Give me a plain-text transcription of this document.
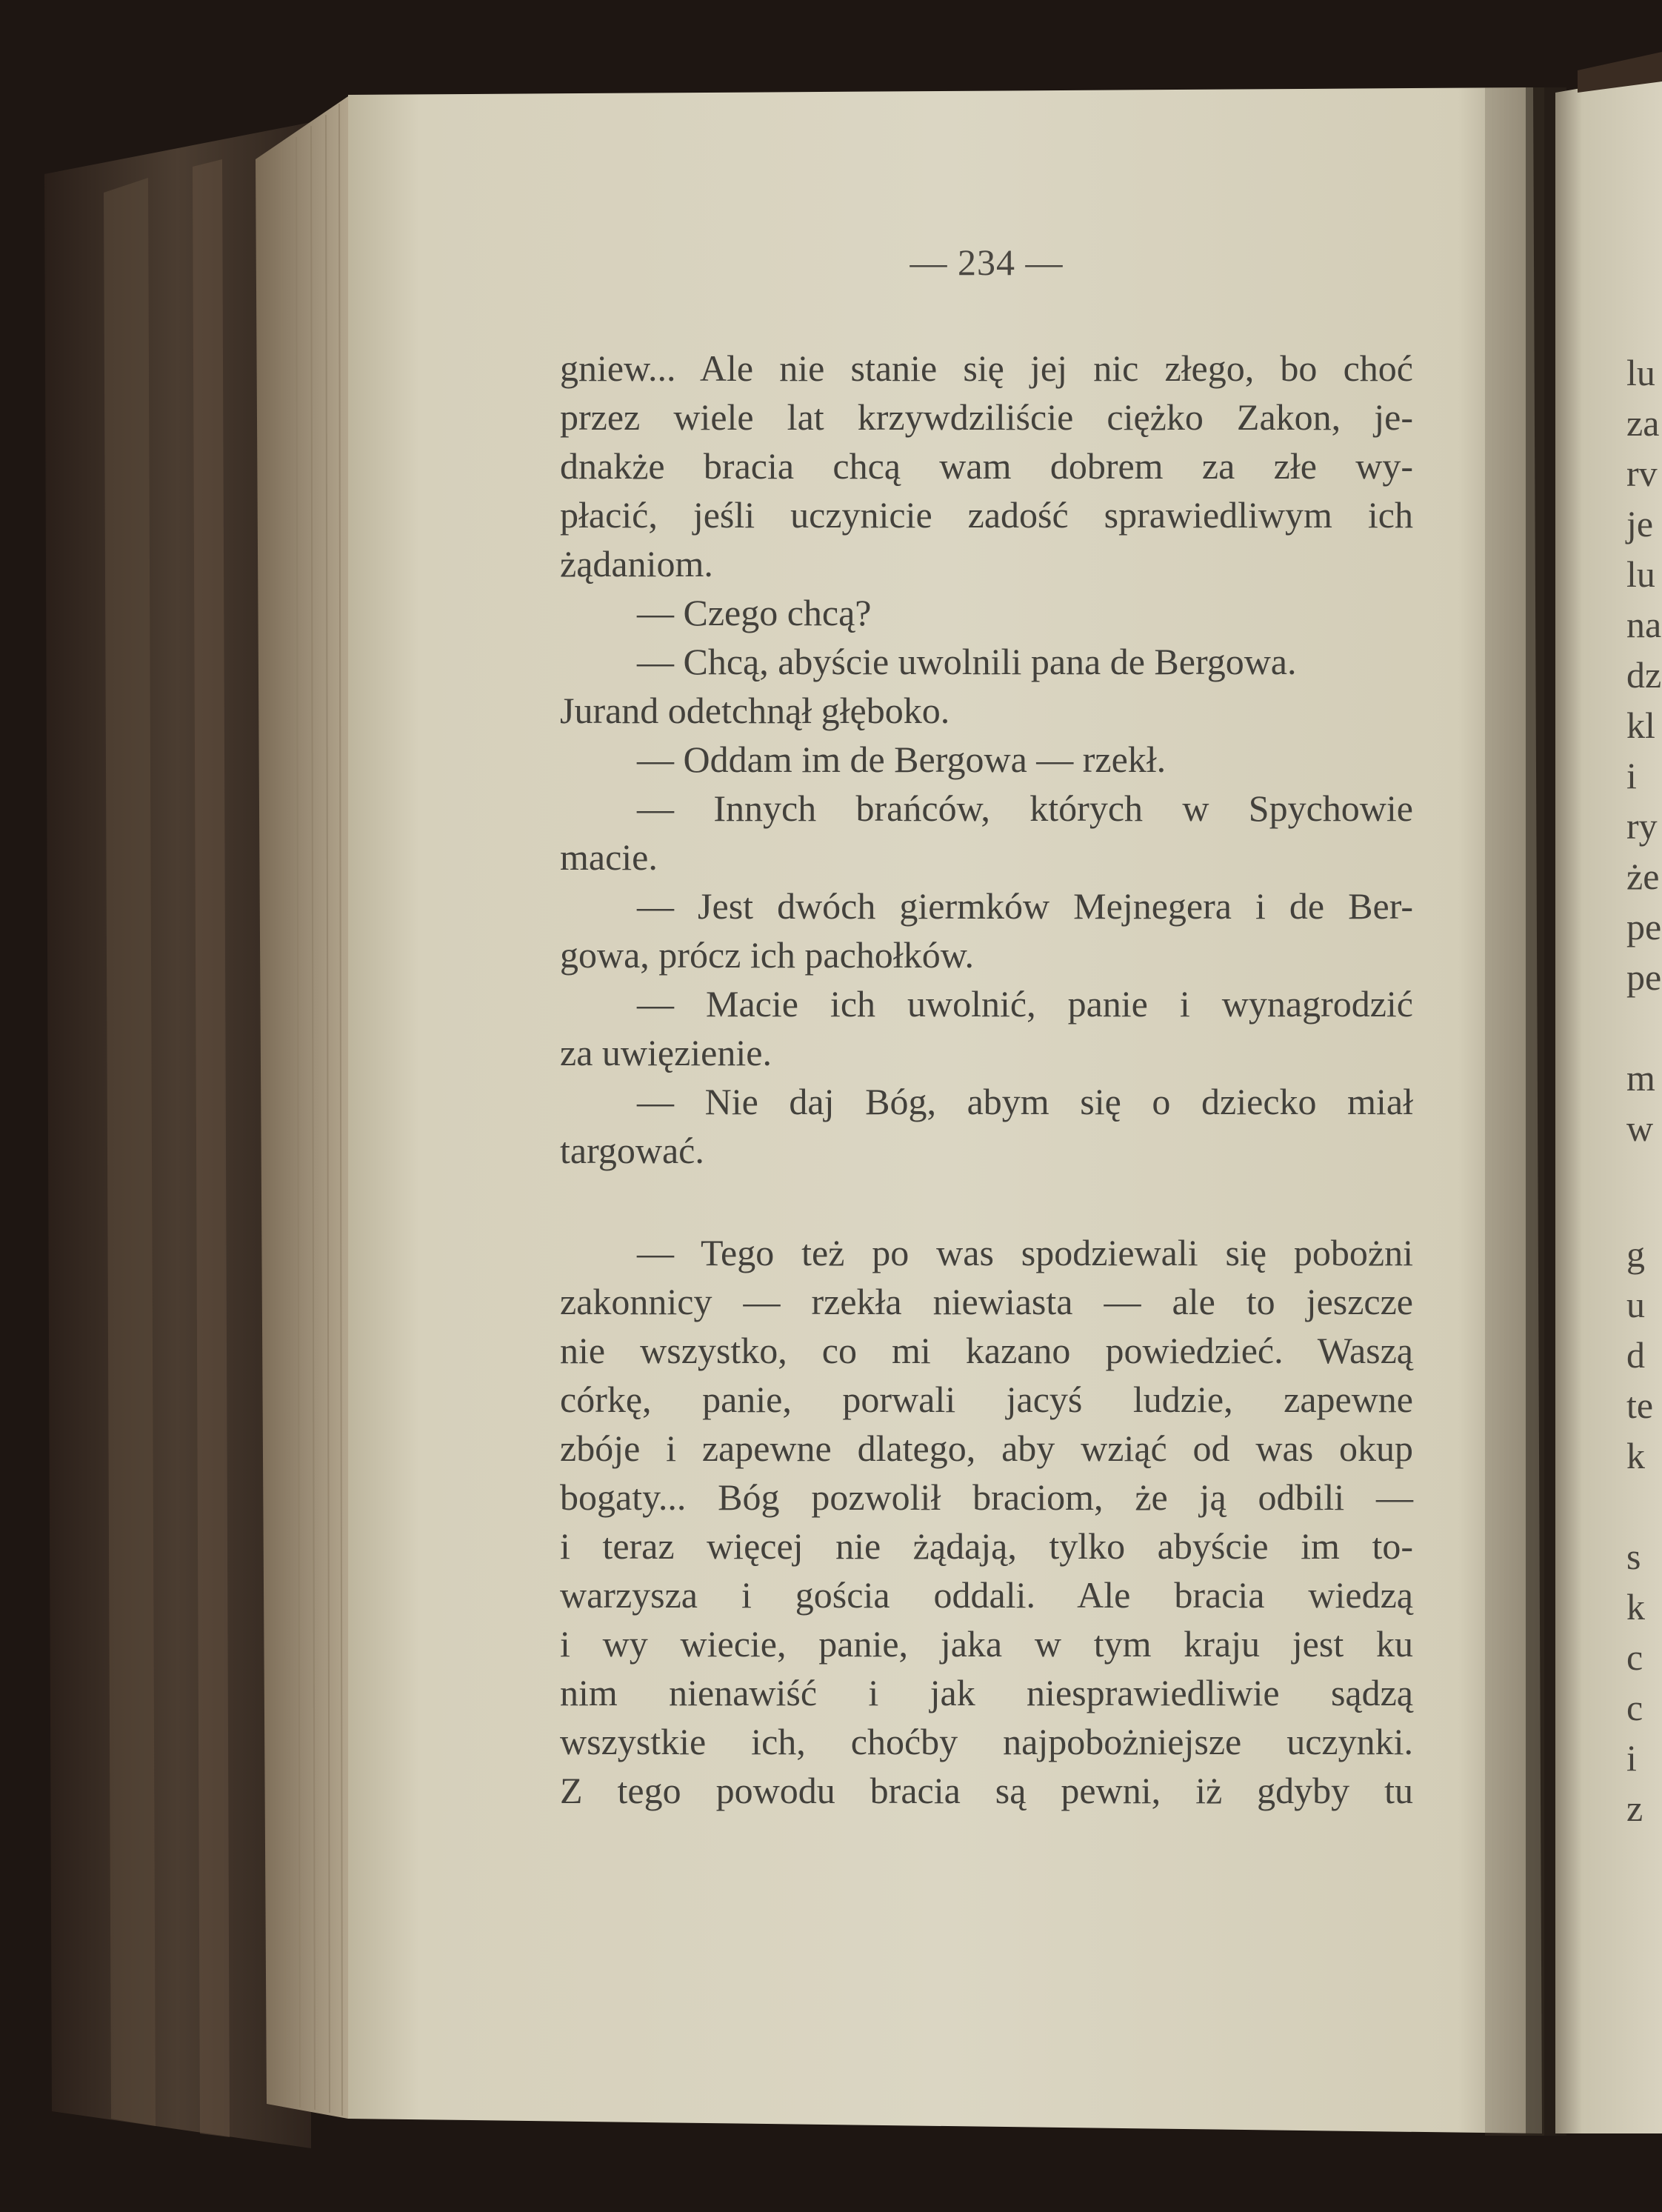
— 234 —
gniew... Ale nie stanie się jej nic złego, bo choć
przez wiele lat krzywdziliście ciężko Zakon, je-
dnakże bracia chcą wam dobrem za złe wy-
płacić, jeśli uczynicie zadość sprawiedliwym ich
żądaniom.
— Czego chcą?
— Chcą, abyście uwolnili pana de Bergowa.
Jurand odetchnął głęboko.
— Oddam im de Bergowa — rzekł.
— Innych brańców, których w Spychowie
macie.
— Jest dwóch giermków Mejnegera i de Ber-
gowa, prócz ich pachołków.
— Macie ich uwolnić, panie i wynagrodzić
za uwięzienie.
— Nie daj Bóg, abym się o dziecko miał
targować.
— Tego też po was spodziewali się pobożni
zakonnicy — rzekła niewiasta — ale to jeszcze
nie wszystko, co mi kazano powiedzieć. Waszą
córkę, panie, porwali jacyś ludzie, zapewne
zbóje i zapewne dlatego, aby wziąć od was okup
bogaty... Bóg pozwolił braciom, że ją odbili —
i teraz więcej nie żądają, tylko abyście im to-
warzysza i gościa oddali. Ale bracia wiedzą
i wy wiecie, panie, jaka w tym kraju jest ku
nim nienawiść i jak niesprawiedliwie sądzą
wszystkie ich, choćby najpobożniejsze uczynki.
Z tego powodu bracia są pewni, iż gdyby tu
lu
za
rv
je
lu
na
dz
kl
i
ry
że
pe
pe
m
w
g
u
d
te
k
s
k
c
c
i
z
